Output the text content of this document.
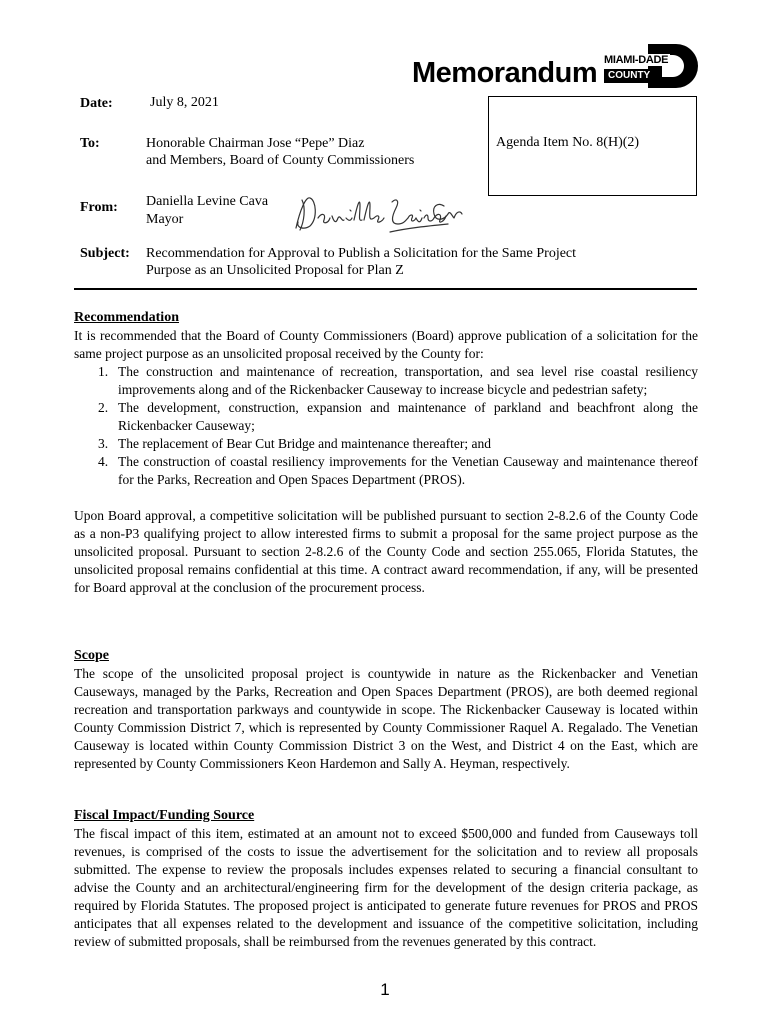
Memorandum MIAMI-DADE
COUNTY
Date:	July 8, 2021
To:	Honorable Chairman Jose “Pepe” Diaz
and Members, Board of County Commissioners
Agenda Item No. 8(H)(2)
From: Daniella Levine Cava
Mayor
Subject: Recommendation for Approval to Publish a Solicitation for the Same Project
Purpose as an Unsolicited Proposal for Plan Z
Recommendation
It is recommended that the Board of County Commissioners (Board) approve publication of a solicitation for the same project purpose as an unsolicited proposal received by the County for:
1. The construction and maintenance of recreation, transportation, and sea level rise coastal resiliency improvements along and of the Rickenbacker Causeway to increase bicycle and pedestrian safety;
2. The development, construction, expansion and maintenance of parkland and beachfront along the Rickenbacker Causeway;
3. The replacement of Bear Cut Bridge and maintenance thereafter; and
4. The construction of coastal resiliency improvements for the Venetian Causeway and maintenance thereof for the Parks, Recreation and Open Spaces Department (PROS).
Upon Board approval, a competitive solicitation will be published pursuant to section 2-8.2.6 of the County Code as a non-P3 qualifying project to allow interested firms to submit a proposal for the same project purpose as the unsolicited proposal. Pursuant to section 2-8.2.6 of the County Code and section 255.065, Florida Statutes, the unsolicited proposal remains confidential at this time. A contract award recommendation, if any, will be presented for Board approval at the conclusion of the procurement process.
Scope
The scope of the unsolicited proposal project is countywide in nature as the Rickenbacker and Venetian Causeways, managed by the Parks, Recreation and Open Spaces Department (PROS), are both deemed regional recreation and transportation parkways and countywide in scope. The Rickenbacker Causeway is located within County Commission District 7, which is represented by County Commissioner Raquel A. Regalado. The Venetian Causeway is located within County Commission District 3 on the West, and District 4 on the East, which are represented by County Commissioners Keon Hardemon and Sally A. Heyman, respectively.
Fiscal Impact/Funding Source
The fiscal impact of this item, estimated at an amount not to exceed $500,000 and funded from Causeways toll revenues, is comprised of the costs to issue the advertisement for the solicitation and to review all proposals submitted. The expense to review the proposals includes expenses related to securing a financial consultant to advise the County and an architectural/engineering firm for the development of the design criteria package, as required by Florida Statutes. The proposed project is anticipated to generate future revenues for PROS and PROS anticipates that all expenses related to the development and issuance of the competitive solicitation, including review of submitted proposals, shall be reimbursed from the revenues generated by this contract.
1
